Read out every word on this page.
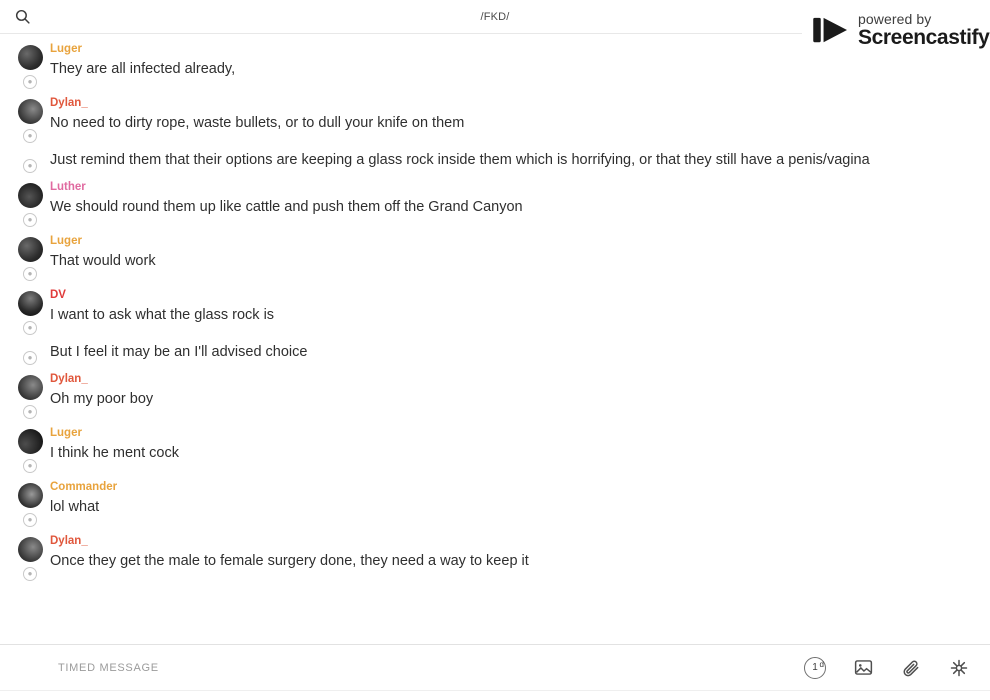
/FKD/	powered by
Screencastify
●
Luger
They are all infected already,
●
Dylan_
No need to dirty rope, waste bullets, or to dull your knife on them
●	Just remind them that their options are keeping a glass rock inside them which is horrifying, or that they still have a penis/vagina
●
Luther
We should round them up like cattle and push them off the Grand Canyon
●
Luger
That would work
●
DV
I want to ask what the glass rock is
●	But I feel it may be an I'll advised choice
●
Dylan_
Oh my poor boy
●
Luger
I think he ment cock
●
Commander
lol what
●
Dylan_
Once they get the male to female surgery done, they need a way to keep it
TIMED MESSAGE
1$^d$
